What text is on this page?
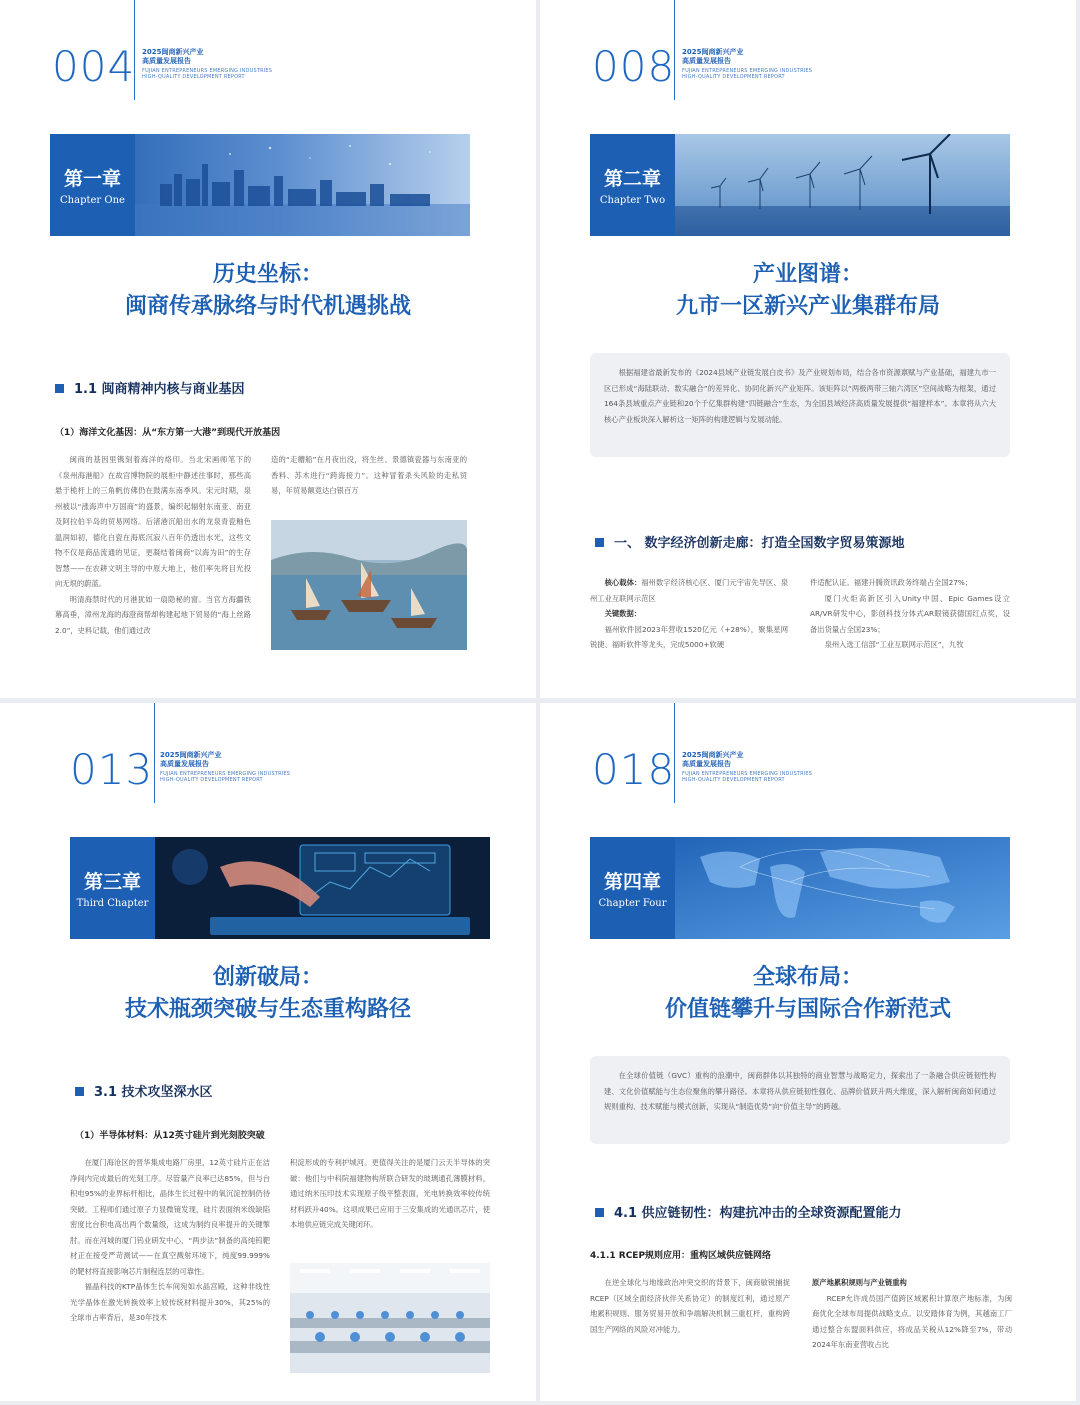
004 2025闽商新兴产业
高质量发展报告
FUJIAN ENTREPRENEURS EMERGING INDUSTRIES
HIGH-QUALITY DEVELOPMENT REPORT
第一章
Chapter One
历史坐标：
闽商传承脉络与时代机遇挑战
1.1 闽商精神内核与商业基因
（1）海洋文化基因：从“东方第一大港”到现代开放基因

闽商的基因里镌刻着海洋的烙印。当北宋画师笔下的《泉州海港船》在故宫博物院的展柜中静述往事时，那些高悬于桅杆上的三角帆仿佛仍在鼓满东南季风。宋元时期，泉州被以“涨海声中万国商”的盛景，编织起辐射东南亚、南亚及阿拉伯半岛的贸易网络。后渚港沉船出水的龙泉青瓷釉色温润如初，德化白瓷在海底沉寂八百年仍透出水光，这些文物不仅是商品流通的见证，更凝结着闽商“以海为田”的生存智慧——在农耕文明主导的中原大地上，他们率先将目光投向无垠的蔚蓝。

明清海禁时代的月港犹如一扇隐秘的窗。当官方海疆铁幕高垂，漳州龙海的海澄商帮却构建起地下贸易的“海上丝路2.0”，史料记载，他们通过改

造的“走艚船”在月夜出没，将生丝、景德镇瓷器与东南亚的香料、苏木进行“跨海接力”。这种冒着杀头风险的走私贸易，年贸易额竟达白银百万

008 2025闽商新兴产业
高质量发展报告
FUJIAN ENTREPRENEURS EMERGING INDUSTRIES
HIGH-QUALITY DEVELOPMENT REPORT
第二章
Chapter Two
产业图谱：
九市一区新兴产业集群布局

根据福建省最新发布的《2024县域产业链发展白皮书》及产业规划布局，结合各市资源禀赋与产业基础，福建九市一区已形成“海陆联动、数实融合”的差异化、协同化新兴产业矩阵。该矩阵以“两极两带三轴六湾区”空间战略为框架，通过164条县域重点产业链和20个千亿集群构建“四链融合”生态，为全国县域经济高质量发展提供“福建样本”。本章将从六大核心产业板块深入解析这一矩阵的构建逻辑与发展动能。

一、 数字经济创新走廊：打造全国数字贸易策源地

核心载体：福州数字经济核心区、厦门元宇宙先导区、泉州工业互联网示范区

关键数据：

福州软件园2023年营收1520亿元（+28%），聚集星网锐捷、福昕软件等龙头，完成5000+软硬

件适配认证。福建升腾资讯政务终端占全国27%；

厦门火炬高新区引入Unity中国、Epic Games设立AR/VR研发中心，影创科技分体式AR眼镜获德国红点奖，设备出货量占全国23%；

泉州入选工信部“工业互联网示范区”，九牧

013 2025闽商新兴产业
高质量发展报告
FUJIAN ENTREPRENEURS EMERGING INDUSTRIES
HIGH-QUALITY DEVELOPMENT REPORT
第三章
Third Chapter
创新破局：
技术瓶颈突破与生态重构路径
3.1 技术攻坚深水区
（1）半导体材料：从12英寸硅片到光刻胶突破

在厦门海沧区的晋华集成电路厂房里，12英寸硅片正在洁净间内完成最后的光刻工序。尽管量产良率已达85%，但与台积电95%的业界标杆相比，晶体生长过程中的氧沉淀控制仍待突破。工程师们通过原子力显微镜发现，硅片表面纳米级缺陷密度比台积电高出两个数量级，这成为制约良率提升的关键掣肘。而在河城的厦门钨业研发中心，“两步法”制备的高纯钨靶材正在接受严苛测试——在真空溅射环境下，纯度99.999%的靶材将直接影响芯片制程连层的可靠性。

福晶科技的KTP晶体生长车间宛如水晶宫殿，这种非线性光学晶体在激光转换效率上较传统材料提升30%，其25%的全球市占率背后，是30年技术

积淀形成的专利护城河。更值得关注的是厦门云天半导体的突破：他们与中科院福建物构所联合研发的玻璃通孔薄膜材料，通过纳米压印技术实现原子级平整表面，光电转换效率较传统材料跃升40%。这项成果已应用于三安集成的光通讯芯片，使本地供应链完成关键闭环。

018 2025闽商新兴产业
高质量发展报告
FUJIAN ENTREPRENEURS EMERGING INDUSTRIES
HIGH-QUALITY DEVELOPMENT REPORT
第四章
Chapter Four
全球布局：
价值链攀升与国际合作新范式

在全球价值链（GVC）重构的浪潮中，闽商群体以其独特的商业智慧与战略定力，探索出了一条融合供应链韧性构建、文化价值赋能与生态位聚焦的攀升路径。本章将从供应链韧性强化、品牌价值跃升两大维度，深入解析闽商如何通过规则重构、技术赋能与模式创新，实现从“制造优势”向“价值主导”的跨越。

4.1 供应链韧性：构建抗冲击的全球资源配置能力
4.1.1 RCEP规则应用：重构区域供应链网络

在逆全球化与地缘政治冲突交织的背景下，闽商敏锐捕捉RCEP（区域全面经济伙伴关系协定）的制度红利，通过原产地累积规则、服务贸易开放和争端解决机制三重杠杆，重构跨国生产网络的风险对冲能力。

原产地累积规则与产业链重构

RCEP允许成员国产值跨区域累积计算原产地标准，为闽商优化全球布局提供战略支点。以安踏体育为例，其越南工厂通过整合东盟面料供应，将成品关税从12%降至7%，带动2024年东南亚营收占比
